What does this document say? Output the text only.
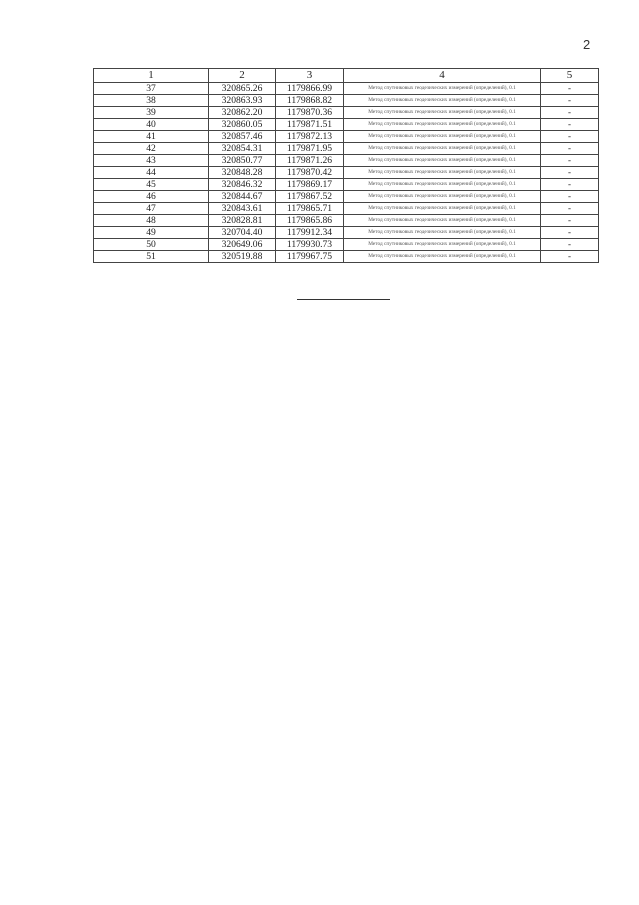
2
1	2	3	4	5
37	320865.26	1179866.99	Метод спутниковых геодезических измерений (определений), 0.1	-
38	320863.93	1179868.82	Метод спутниковых геодезических измерений (определений), 0.1	-
39	320862.20	1179870.36	Метод спутниковых геодезических измерений (определений), 0.1	-
40	320860.05	1179871.51	Метод спутниковых геодезических измерений (определений), 0.1	-
41	320857.46	1179872.13	Метод спутниковых геодезических измерений (определений), 0.1	-
42	320854.31	1179871.95	Метод спутниковых геодезических измерений (определений), 0.1	-
43	320850.77	1179871.26	Метод спутниковых геодезических измерений (определений), 0.1	-
44	320848.28	1179870.42	Метод спутниковых геодезических измерений (определений), 0.1	-
45	320846.32	1179869.17	Метод спутниковых геодезических измерений (определений), 0.1	-
46	320844.67	1179867.52	Метод спутниковых геодезических измерений (определений), 0.1	-
47	320843.61	1179865.71	Метод спутниковых геодезических измерений (определений), 0.1	-
48	320828.81	1179865.86	Метод спутниковых геодезических измерений (определений), 0.1	-
49	320704.40	1179912.34	Метод спутниковых геодезических измерений (определений), 0.1	-
50	320649.06	1179930.73	Метод спутниковых геодезических измерений (определений), 0.1	-
51	320519.88	1179967.75	Метод спутниковых геодезических измерений (определений), 0.1	-
